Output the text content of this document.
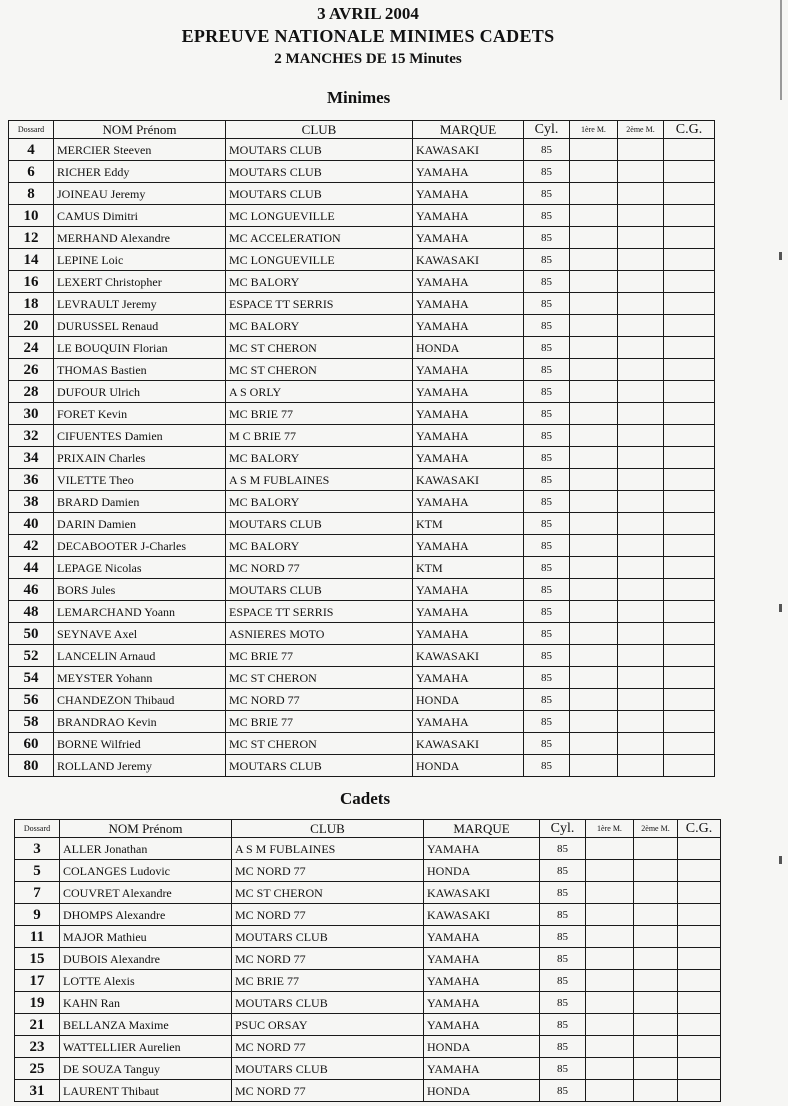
3 AVRIL 2004
EPREUVE NATIONALE MINIMES CADETS
2 MANCHES DE 15 Minutes
Minimes
Dossard	NOM Prénom	CLUB	MARQUE	Cyl.	1ère M.	2ème M.	C.G.
4	MERCIER Steeven	MOUTARS CLUB	KAWASAKI	85			
6	RICHER Eddy	MOUTARS CLUB	YAMAHA	85			
8	JOINEAU Jeremy	MOUTARS CLUB	YAMAHA	85			
10	CAMUS Dimitri	MC LONGUEVILLE	YAMAHA	85			
12	MERHAND Alexandre	MC ACCELERATION	YAMAHA	85			
14	LEPINE Loic	MC LONGUEVILLE	KAWASAKI	85			
16	LEXERT Christopher	MC BALORY	YAMAHA	85			
18	LEVRAULT Jeremy	ESPACE TT SERRIS	YAMAHA	85			
20	DURUSSEL Renaud	MC BALORY	YAMAHA	85			
24	LE BOUQUIN Florian	MC ST CHERON	HONDA	85			
26	THOMAS Bastien	MC ST CHERON	YAMAHA	85			
28	DUFOUR Ulrich	A S ORLY	YAMAHA	85			
30	FORET Kevin	MC BRIE 77	YAMAHA	85			
32	CIFUENTES Damien	M C BRIE 77	YAMAHA	85			
34	PRIXAIN Charles	MC BALORY	YAMAHA	85			
36	VILETTE Theo	A S M FUBLAINES	KAWASAKI	85			
38	BRARD Damien	MC BALORY	YAMAHA	85			
40	DARIN Damien	MOUTARS CLUB	KTM	85			
42	DECABOOTER J-Charles	MC BALORY	YAMAHA	85			
44	LEPAGE Nicolas	MC NORD 77	KTM	85			
46	BORS Jules	MOUTARS CLUB	YAMAHA	85			
48	LEMARCHAND Yoann	ESPACE TT SERRIS	YAMAHA	85			
50	SEYNAVE Axel	ASNIERES MOTO	YAMAHA	85			
52	LANCELIN Arnaud	MC BRIE 77	KAWASAKI	85			
54	MEYSTER Yohann	MC ST CHERON	YAMAHA	85			
56	CHANDEZON Thibaud	MC NORD 77	HONDA	85			
58	BRANDRAO Kevin	MC BRIE 77	YAMAHA	85			
60	BORNE Wilfried	MC ST CHERON	KAWASAKI	85			
80	ROLLAND Jeremy	MOUTARS CLUB	HONDA	85			
Cadets
Dossard	NOM Prénom	CLUB	MARQUE	Cyl.	1ère M.	2ème M.	C.G.
3	ALLER Jonathan	A S M FUBLAINES	YAMAHA	85			
5	COLANGES Ludovic	MC NORD 77	HONDA	85			
7	COUVRET Alexandre	MC ST CHERON	KAWASAKI	85			
9	DHOMPS Alexandre	MC NORD 77	KAWASAKI	85			
11	MAJOR Mathieu	MOUTARS CLUB	YAMAHA	85			
15	DUBOIS Alexandre	MC NORD 77	YAMAHA	85			
17	LOTTE Alexis	MC BRIE 77	YAMAHA	85			
19	KAHN Ran	MOUTARS CLUB	YAMAHA	85			
21	BELLANZA Maxime	PSUC ORSAY	YAMAHA	85			
23	WATTELLIER Aurelien	MC NORD 77	HONDA	85			
25	DE SOUZA Tanguy	MOUTARS CLUB	YAMAHA	85			
31	LAURENT Thibaut	MC NORD 77	HONDA	85			
